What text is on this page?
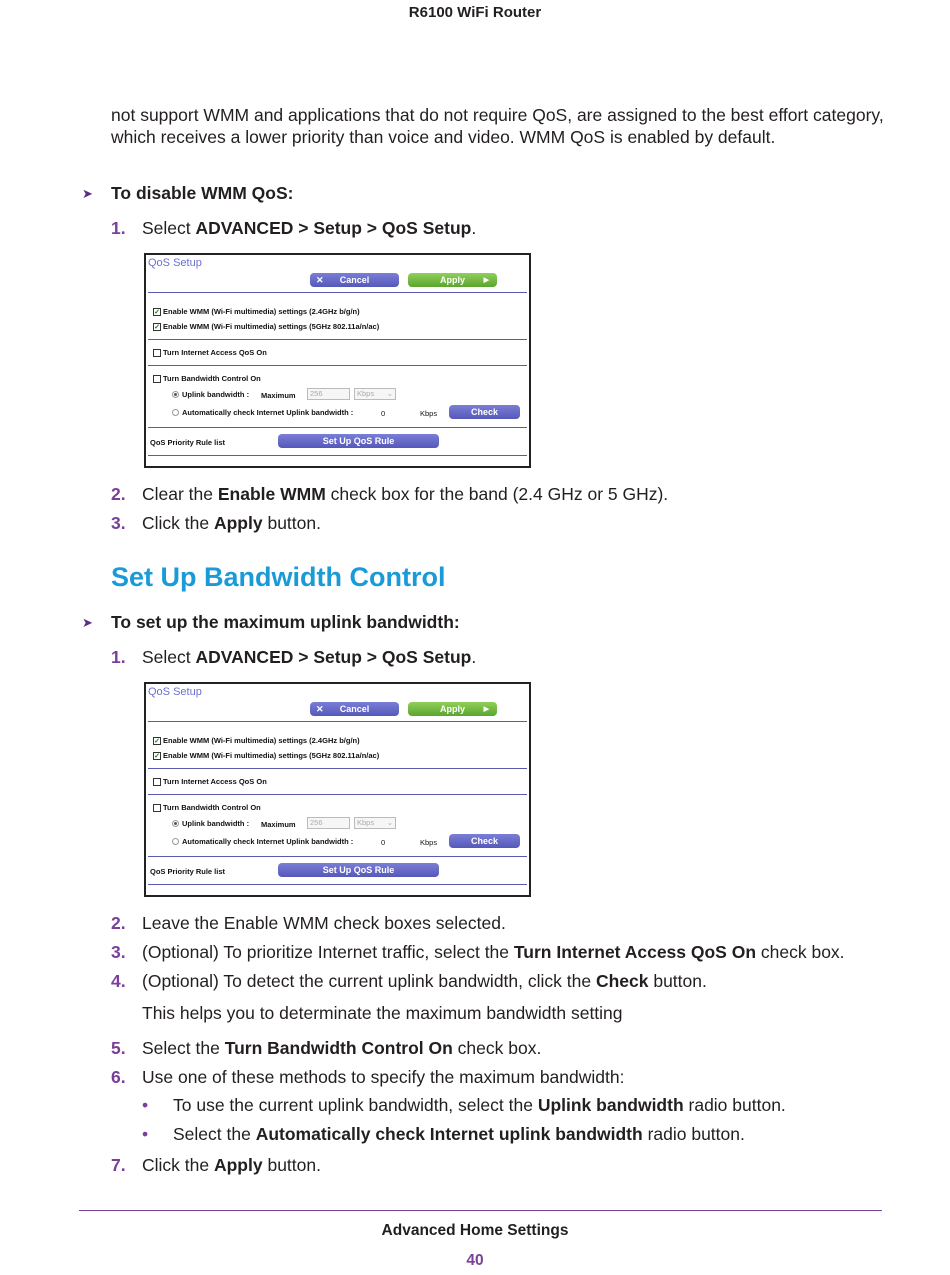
R6100 WiFi Router
not support WMM and applications that do not require QoS, are assigned to the best effort category, which receives a lower priority than voice and video. WMM QoS is enabled by default.
➤	To disable WMM QoS:
1. Select ADVANCED > Setup > QoS Setup.
QoS Setup
✕ Cancel	Apply	▶
✓ Enable WMM (Wi-Fi multimedia) settings (2.4GHz b/g/n)
✓ Enable WMM (Wi-Fi multimedia) settings (5GHz 802.11a/n/ac)
Turn Internet Access QoS On
Turn Bandwidth Control On
Uplink bandwidth : Maximum	256	Kbps ⌄
Automatically check Internet Uplink bandwidth :	0	Kbps	Check
QoS Priority Rule list	Set Up QoS Rule
2. Clear the Enable WMM check box for the band (2.4 GHz or 5 GHz).
3. Click the Apply button.
Set Up Bandwidth Control
➤	To set up the maximum uplink bandwidth:
1. Select ADVANCED > Setup > QoS Setup.
QoS Setup
✕ Cancel	Apply	▶
✓ Enable WMM (Wi-Fi multimedia) settings (2.4GHz b/g/n)
✓ Enable WMM (Wi-Fi multimedia) settings (5GHz 802.11a/n/ac)
Turn Internet Access QoS On
Turn Bandwidth Control On
Uplink bandwidth : Maximum	256	Kbps ⌄
Automatically check Internet Uplink bandwidth :	0	Kbps	Check
QoS Priority Rule list	Set Up QoS Rule
2. Leave the Enable WMM check boxes selected.
3. (Optional) To prioritize Internet traffic, select the Turn Internet Access QoS On check box.
4. (Optional) To detect the current uplink bandwidth, click the Check button.
This helps you to determinate the maximum bandwidth setting
5. Select the Turn Bandwidth Control On check box.
6. Use one of these methods to specify the maximum bandwidth:
• To use the current uplink bandwidth, select the Uplink bandwidth radio button.
• Select the Automatically check Internet uplink bandwidth radio button.
7. Click the Apply button.
Advanced Home Settings
40
